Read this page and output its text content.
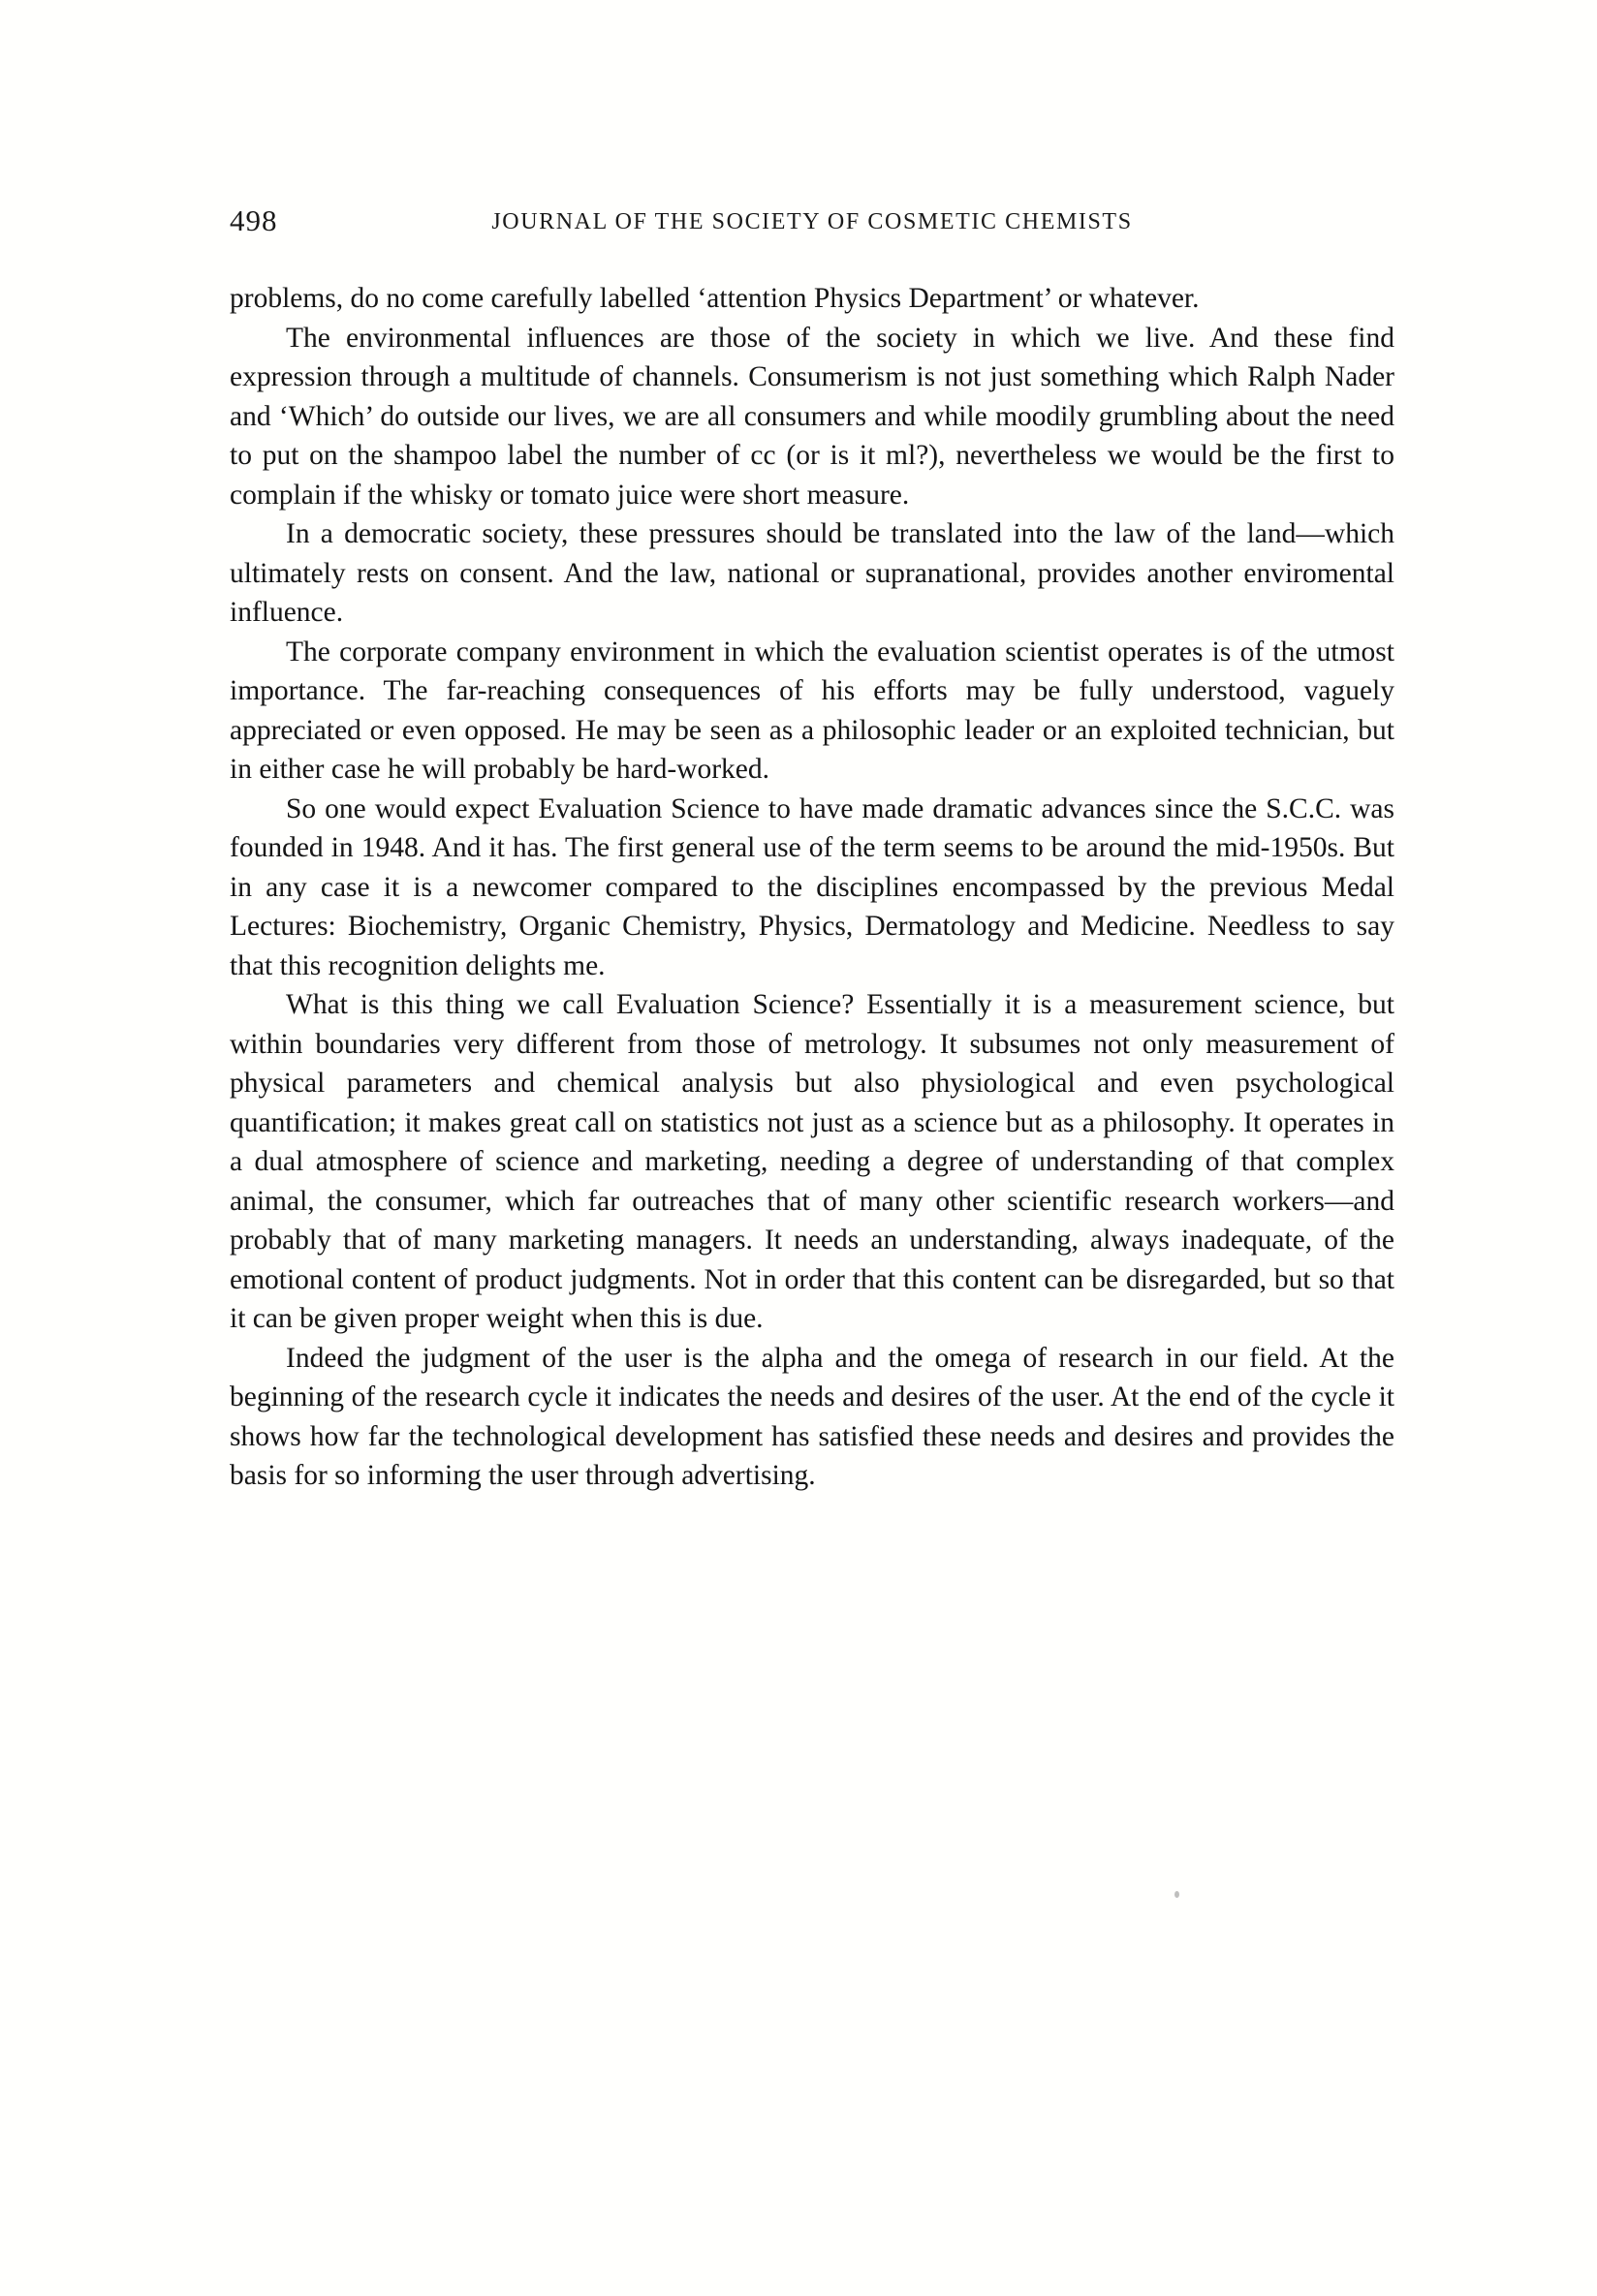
498	JOURNAL OF THE SOCIETY OF COSMETIC CHEMISTS

problems, do no come carefully labelled ‘attention Physics Department’ or whatever.

The environmental influences are those of the society in which we live. And these find expression through a multitude of channels. Consumerism is not just something which Ralph Nader and ‘Which’ do outside our lives, we are all consumers and while moodily grumbling about the need to put on the shampoo label the number of cc (or is it ml?), nevertheless we would be the first to complain if the whisky or tomato juice were short measure.

In a democratic society, these pressures should be translated into the law of the land—which ultimately rests on consent. And the law, national or supranational, provides another enviromental influence.

The corporate company environment in which the evaluation scientist operates is of the utmost importance. The far-reaching consequences of his efforts may be fully understood, vaguely appreciated or even opposed. He may be seen as a philosophic leader or an exploited technician, but in either case he will probably be hard-worked.

So one would expect Evaluation Science to have made dramatic advances since the S.C.C. was founded in 1948. And it has. The first general use of the term seems to be around the mid-1950s. But in any case it is a newcomer compared to the disciplines encompassed by the previous Medal Lectures: Biochemistry, Organic Chemistry, Physics, Dermatology and Medicine. Needless to say that this recognition delights me.

What is this thing we call Evaluation Science? Essentially it is a measurement science, but within boundaries very different from those of metrology. It subsumes not only measurement of physical parameters and chemical analysis but also physiological and even psychological quantification; it makes great call on statistics not just as a science but as a philosophy. It operates in a dual atmosphere of science and marketing, needing a degree of understanding of that complex animal, the consumer, which far outreaches that of many other scientific research workers—and probably that of many marketing managers. It needs an understanding, always inadequate, of the emotional content of product judgments. Not in order that this content can be disregarded, but so that it can be given proper weight when this is due.

Indeed the judgment of the user is the alpha and the omega of research in our field. At the beginning of the research cycle it indicates the needs and desires of the user. At the end of the cycle it shows how far the technological development has satisfied these needs and desires and provides the basis for so informing the user through advertising.
